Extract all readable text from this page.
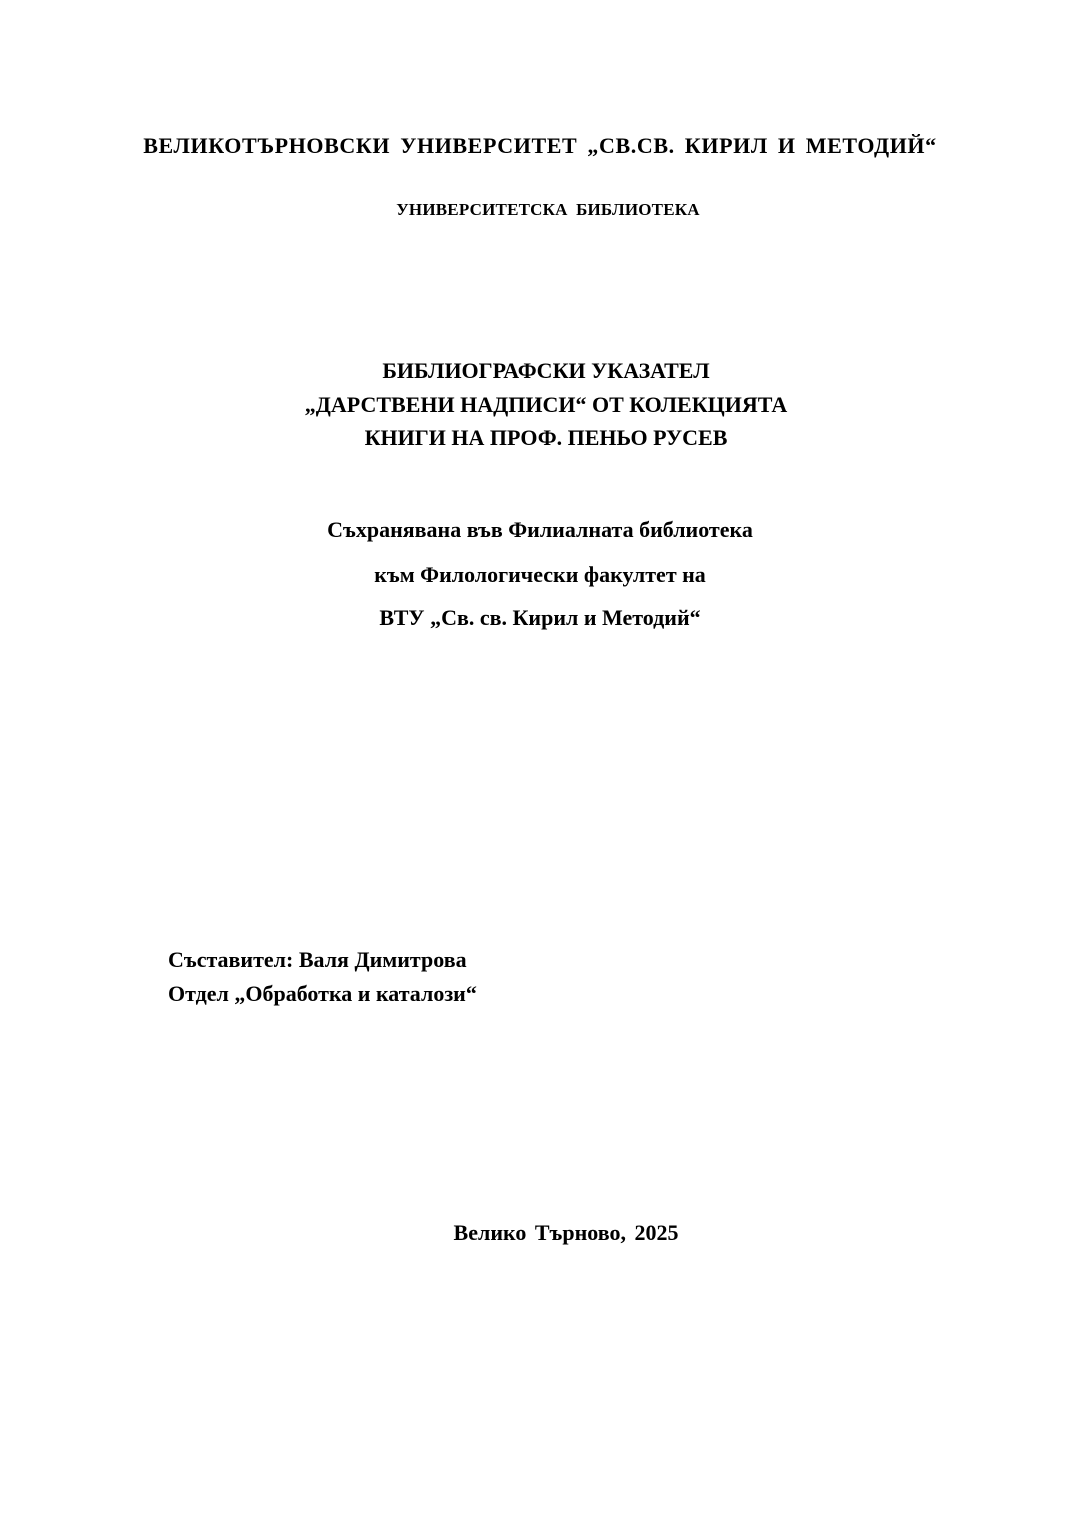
ВЕЛИКОТЪРНОВСКИ УНИВЕРСИТЕТ „СВ.СВ. КИРИЛ И МЕТОДИЙ“
УНИВЕРСИТЕТСКА БИБЛИОТЕКА
БИБЛИОГРАФСКИ УКАЗАТЕЛ
„ДАРСТВЕНИ НАДПИСИ“ ОТ КОЛЕКЦИЯТА
КНИГИ НА ПРОФ. ПЕНЬО РУСЕВ
Съхранявана във Филиалната библиотека
към Филологически факултет на
ВТУ „Св. св. Кирил и Методий“
Съставител: Валя Димитрова
Отдел „Обработка и каталози“
Велико Търново, 2025
